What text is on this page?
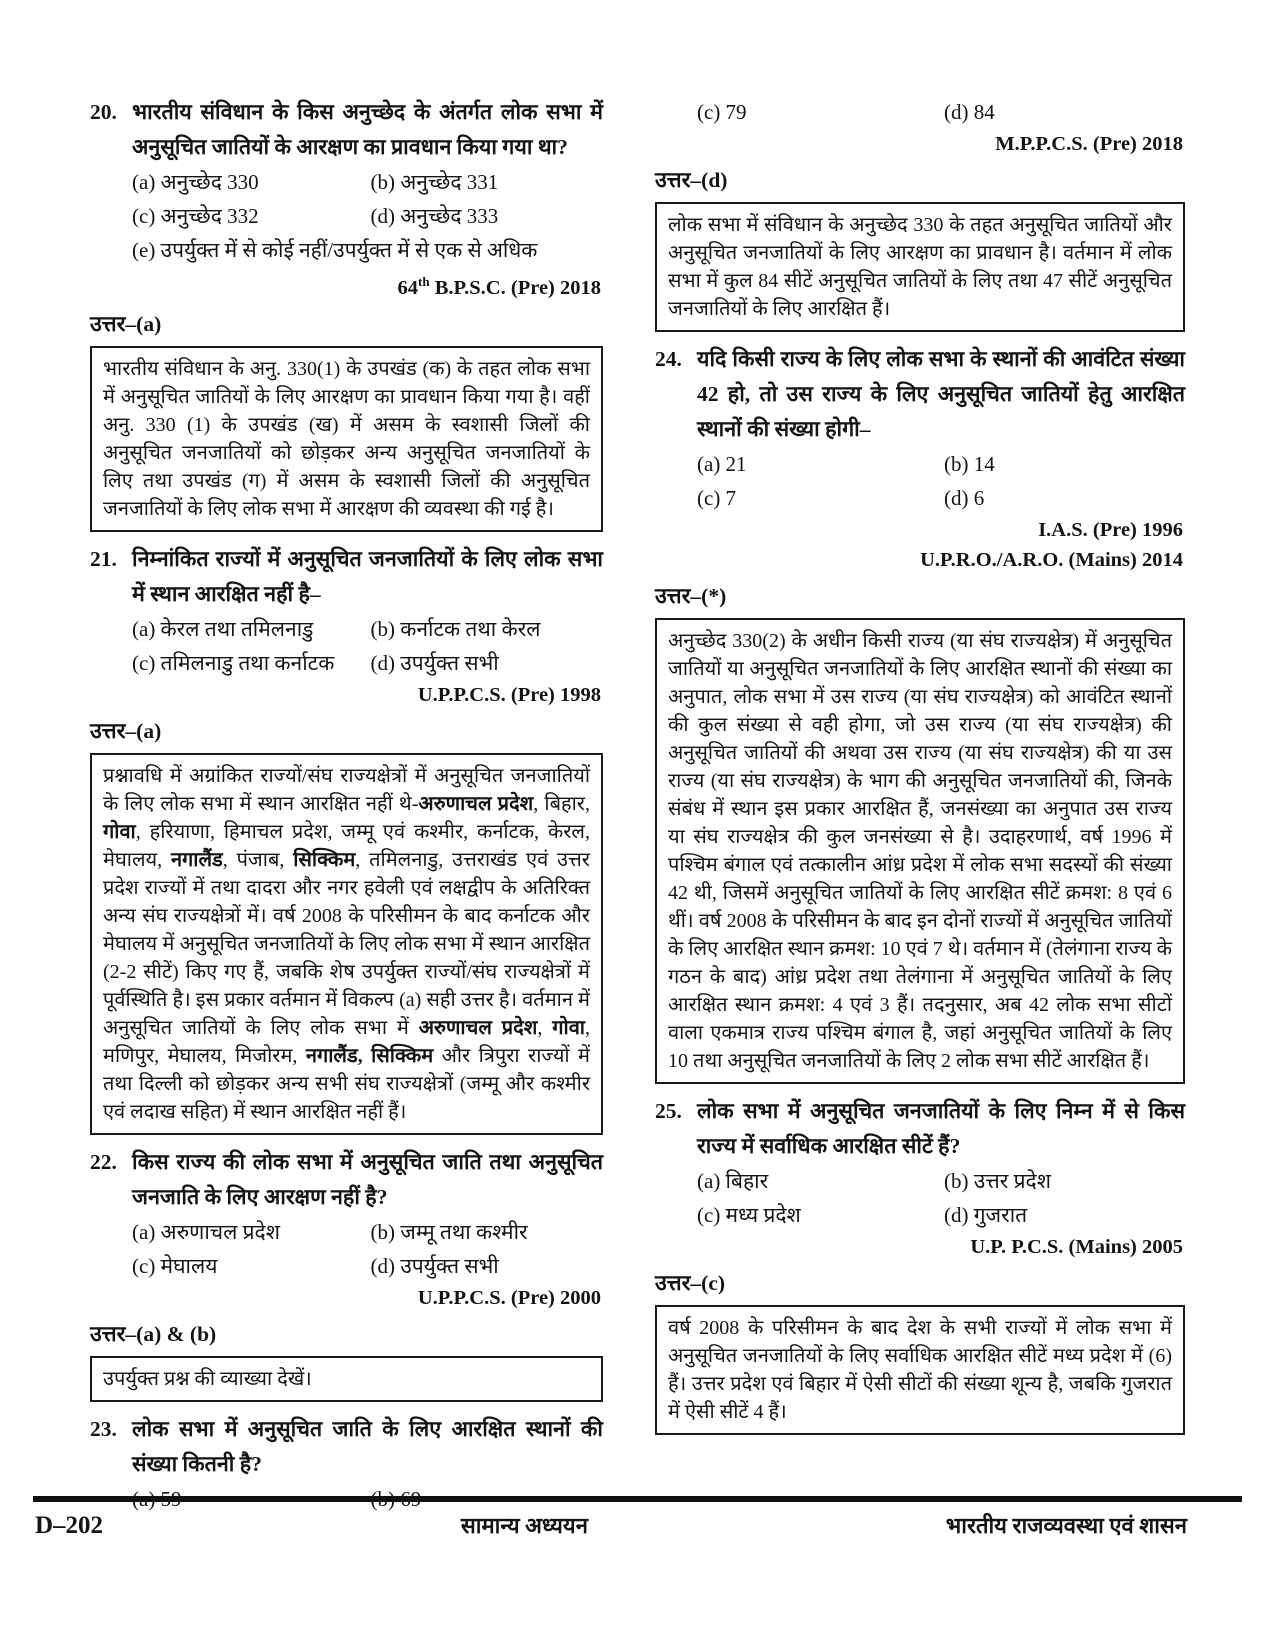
20. भारतीय संविधान के किस अनुच्छेद के अंतर्गत लोक सभा में अनुसूचित जातियों के आरक्षण का प्रावधान किया गया था?
(a) अनुच्छेद 330	(b) अनुच्छेद 331
(c) अनुच्छेद 332	(d) अनुच्छेद 333
(e) उपर्युक्त में से कोई नहीं/उपर्युक्त में से एक से अधिक
64th B.P.S.C. (Pre) 2018
उत्तर–(a)
भारतीय संविधान के अनु. 330(1) के उपखंड (क) के तहत लोक सभा में अनुसूचित जातियों के लिए आरक्षण का प्रावधान किया गया है। वहीं अनु. 330 (1) के उपखंड (ख) में असम के स्वशासी जिलों की अनुसूचित जनजातियों को छोड़कर अन्य अनुसूचित जनजातियों के लिए तथा उपखंड (ग) में असम के स्वशासी जिलों की अनुसूचित जनजातियों के लिए लोक सभा में आरक्षण की व्यवस्था की गई है।
21. निम्नांकित राज्यों में अनुसूचित जनजातियों के लिए लोक सभा में स्थान आरक्षित नहीं है–
(a) केरल तथा तमिलनाडु	(b) कर्नाटक तथा केरल
(c) तमिलनाडु तथा कर्नाटक	(d) उपर्युक्त सभी
U.P.P.C.S. (Pre) 1998
उत्तर–(a)
प्रश्नावधि में अग्रांकित राज्यों/संघ राज्यक्षेत्रों में अनुसूचित जनजातियों के लिए लोक सभा में स्थान आरक्षित नहीं थे-अरुणाचल प्रदेश, बिहार, गोवा, हरियाणा, हिमाचल प्रदेश, जम्मू एवं कश्मीर, कर्नाटक, केरल, मेघालय, नगालैंड, पंजाब, सिक्किम, तमिलनाडु, उत्तराखंड एवं उत्तर प्रदेश राज्यों में तथा दादरा और नगर हवेली एवं लक्षद्वीप के अतिरिक्त अन्य संघ राज्यक्षेत्रों में। वर्ष 2008 के परिसीमन के बाद कर्नाटक और मेघालय में अनुसूचित जनजातियों के लिए लोक सभा में स्थान आरक्षित (2-2 सीटें) किए गए हैं, जबकि शेष उपर्युक्त राज्यों/संघ राज्यक्षेत्रों में पूर्वस्थिति है। इस प्रकार वर्तमान में विकल्प (a) सही उत्तर है। वर्तमान में अनुसूचित जातियों के लिए लोक सभा में अरुणाचल प्रदेश, गोवा, मणिपुर, मेघालय, मिजोरम, नगालैंड, सिक्किम और त्रिपुरा राज्यों में तथा दिल्ली को छोड़कर अन्य सभी संघ राज्यक्षेत्रों (जम्मू और कश्मीर एवं लदाख सहित) में स्थान आरक्षित नहीं हैं।
22. किस राज्य की लोक सभा में अनुसूचित जाति तथा अनुसूचित जनजाति के लिए आरक्षण नहीं है?
(a) अरुणाचल प्रदेश	(b) जम्मू तथा कश्मीर
(c) मेघालय	(d) उपर्युक्त सभी
U.P.P.C.S. (Pre) 2000
उत्तर–(a) & (b)
उपर्युक्त प्रश्न की व्याख्या देखें।
23. लोक सभा में अनुसूचित जाति के लिए आरक्षित स्थानों की संख्या कितनी है?
(c) 79	(d) 84
M.P.P.C.S. (Pre) 2018
उत्तर–(d)
लोक सभा में संविधान के अनुच्छेद 330 के तहत अनुसूचित जातियों और अनुसूचित जनजातियों के लिए आरक्षण का प्रावधान है। वर्तमान में लोक सभा में कुल 84 सीटें अनुसूचित जातियों के लिए तथा 47 सीटें अनुसूचित जनजातियों के लिए आरक्षित हैं।
24. यदि किसी राज्य के लिए लोक सभा के स्थानों की आवंटित संख्या 42 हो, तो उस राज्य के लिए अनुसूचित जातियों हेतु आरक्षित स्थानों की संख्या होगी–
(a) 21	(b) 14
(c) 7	(d) 6
I.A.S. (Pre) 1996
U.P.R.O./A.R.O. (Mains) 2014
उत्तर–(*)
अनुच्छेद 330(2) के अधीन किसी राज्य (या संघ राज्यक्षेत्र) में अनुसूचित जातियों या अनुसूचित जनजातियों के लिए आरक्षित स्थानों की संख्या का अनुपात, लोक सभा में उस राज्य (या संघ राज्यक्षेत्र) को आवंटित स्थानों की कुल संख्या से वही होगा, जो उस राज्य (या संघ राज्यक्षेत्र) की अनुसूचित जातियों की अथवा उस राज्य (या संघ राज्यक्षेत्र) की या उस राज्य (या संघ राज्यक्षेत्र) के भाग की अनुसूचित जनजातियों की, जिनके संबंध में स्थान इस प्रकार आरक्षित हैं, जनसंख्या का अनुपात उस राज्य या संघ राज्यक्षेत्र की कुल जनसंख्या से है। उदाहरणार्थ, वर्ष 1996 में पश्चिम बंगाल एवं तत्कालीन आंध्र प्रदेश में लोक सभा सदस्यों की संख्या 42 थी, जिसमें अनुसूचित जातियों के लिए आरक्षित सीटें क्रमश: 8 एवं 6 थीं। वर्ष 2008 के परिसीमन के बाद इन दोनों राज्यों में अनुसूचित जातियों के लिए आरक्षित स्थान क्रमश: 10 एवं 7 थे। वर्तमान में (तेलंगाना राज्य के गठन के बाद) आंध्र प्रदेश तथा तेलंगाना में अनुसूचित जातियों के लिए आरक्षित स्थान क्रमश: 4 एवं 3 हैं। तदनुसार, अब 42 लोक सभा सीटों वाला एकमात्र राज्य पश्चिम बंगाल है, जहां अनुसूचित जातियों के लिए 10 तथा अनुसूचित जनजातियों के लिए 2 लोक सभा सीटें आरक्षित हैं।
25. लोक सभा में अनुसूचित जनजातियों के लिए निम्न में से किस राज्य में सर्वाधिक आरक्षित सीटें हैं?
(a) बिहार	(b) उत्तर प्रदेश
(c) मध्य प्रदेश	(d) गुजरात
U.P. P.C.S. (Mains) 2005
उत्तर–(c)
वर्ष 2008 के परिसीमन के बाद देश के सभी राज्यों में लोक सभा में अनुसूचित जनजातियों के लिए सर्वाधिक आरक्षित सीटें मध्य प्रदेश में (6) हैं। उत्तर प्रदेश एवं बिहार में ऐसी सीटों की संख्या शून्य है, जबकि गुजरात में ऐसी सीटें 4 हैं।
D–202	सामान्य अध्ययन	भारतीय राजव्यवस्था एवं शासन
